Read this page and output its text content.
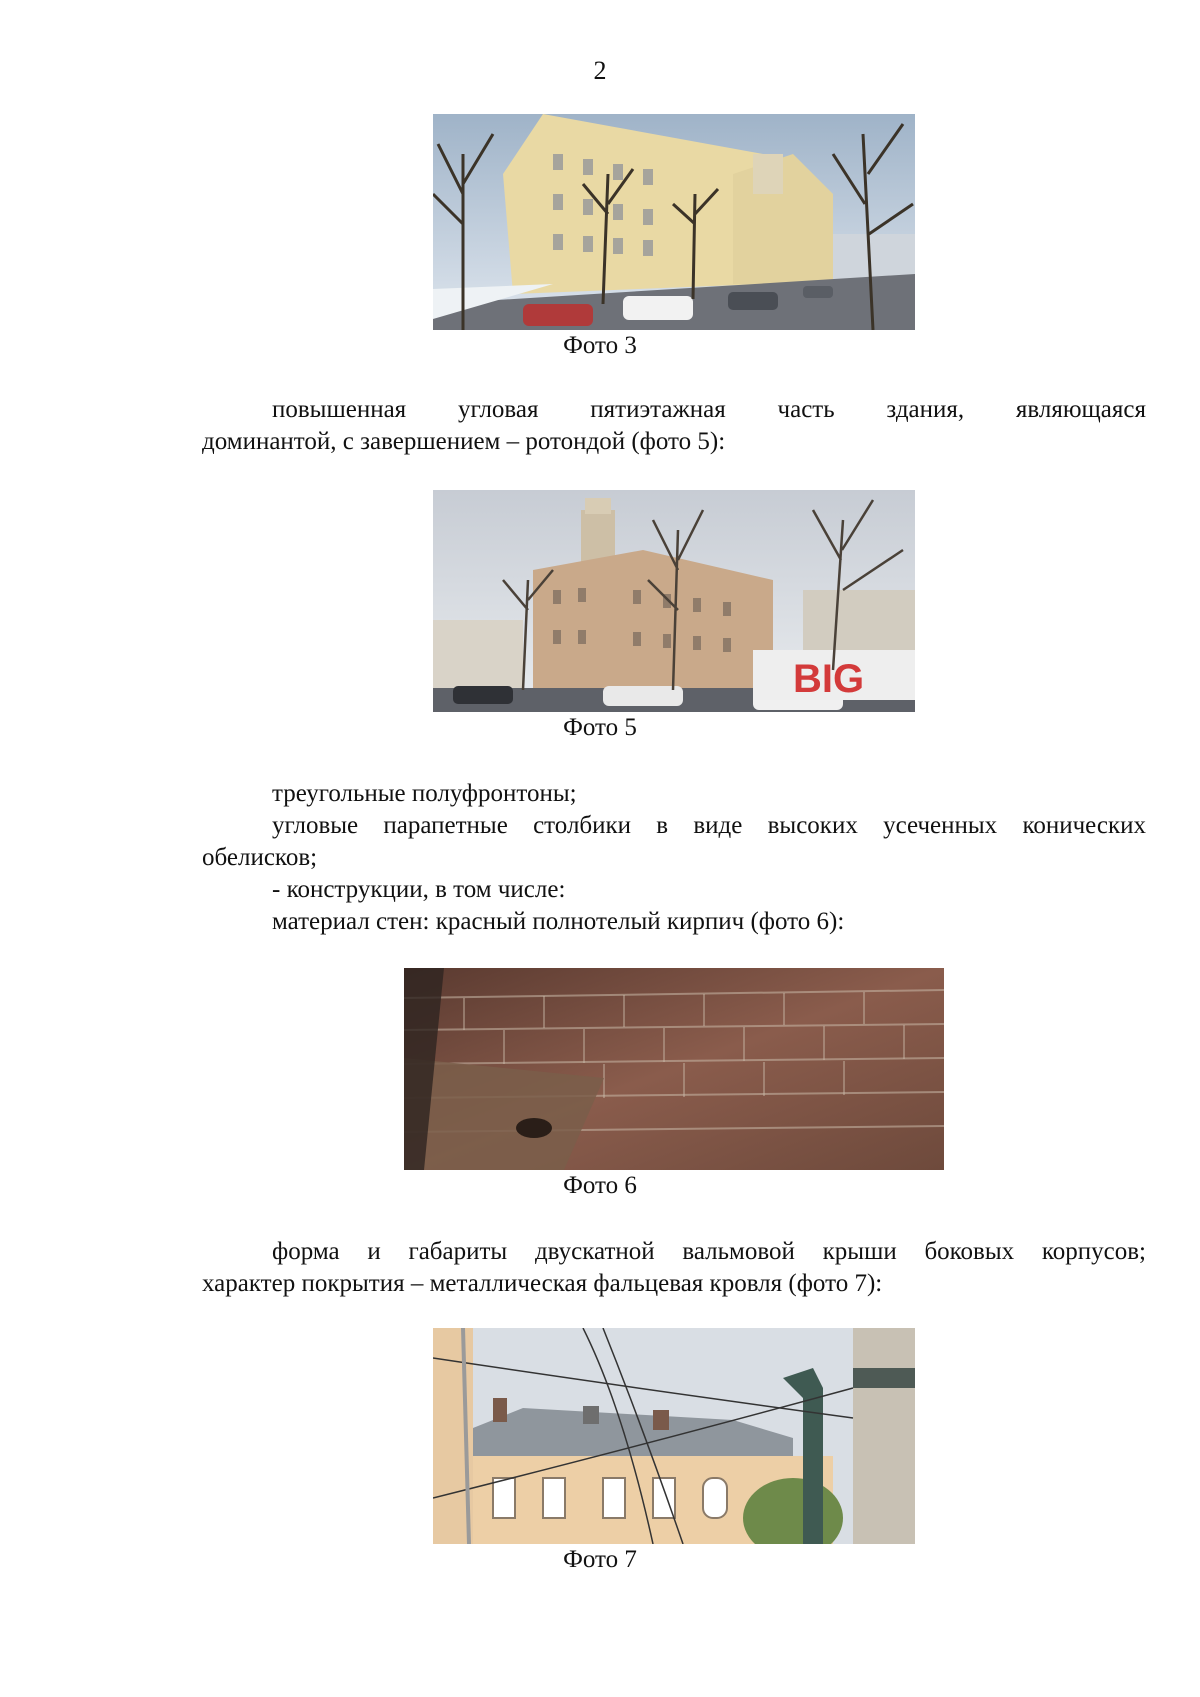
2
Фото 3
повышенная угловая пятиэтажная часть здания, являющаяся
доминантой, с завершением – ротондой (фото 5):
BIG
Фото 5
треугольные полуфронтоны;
угловые парапетные столбики в виде высоких усеченных конических
обелисков;
- конструкции, в том числе:
материал стен: красный полнотелый кирпич (фото 6):
Фото 6
форма и габариты двускатной вальмовой крыши боковых корпусов;
характер покрытия – металлическая фальцевая кровля (фото 7):
Фото 7
